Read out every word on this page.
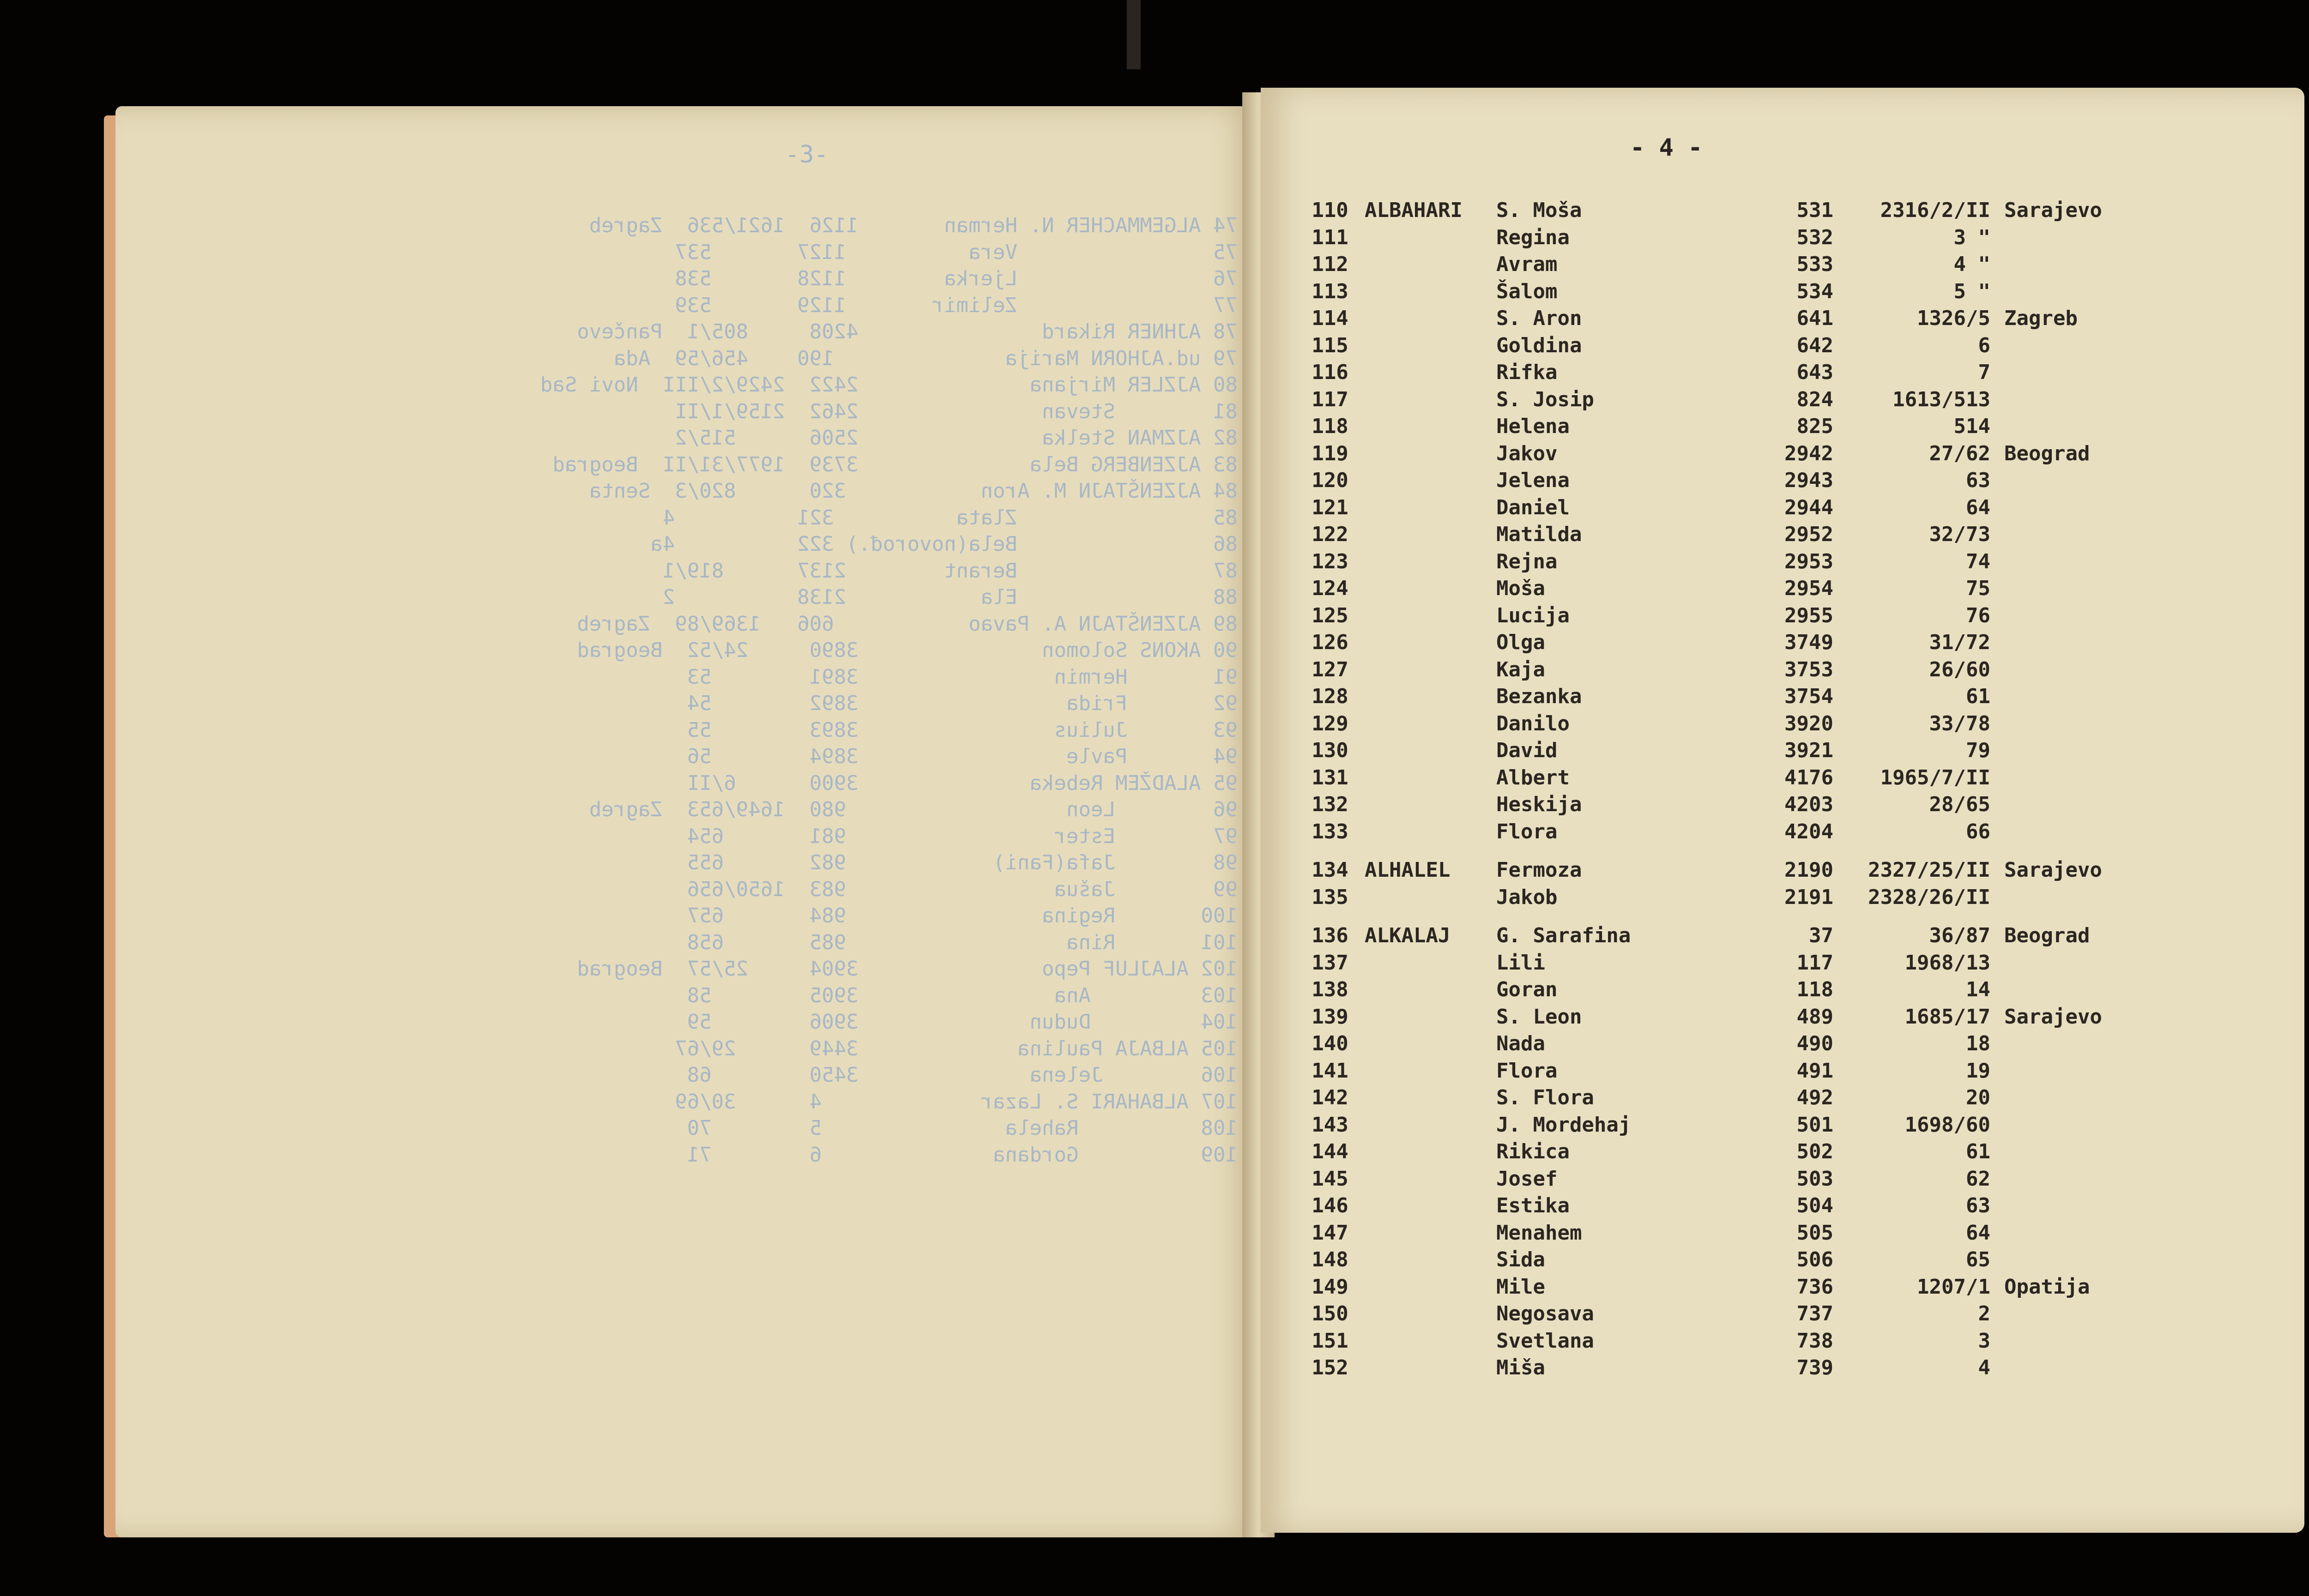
-3-
74 ALGEMMACHER N. Herman       1126  1621/536  Zagreb
75                Vera          1127       537
76                Ljerka        1128       538
77                Zelimir       1129       539
78 AJHNER Rikard               4208     805/1  Pančevo
79 ud.AJHORN Marija              190    456/59  Ada
80 AJZLER Mirjana              2422  2429/2/III  Novi Sad
81        Stevan               2462  2159/1/II
82 AJZMAN Stelka               2506      515/2
83 AJZENBERG Bela              3739  1977/31/II  Beograd
84 AJZENŠTAJN M. Aron           320      820/3  Senta
85                Zlata          321          4
86                Bela(novorođ.) 322          4a
87                Berant        2137      819/1
88                Ela           2138          2
89 AJZENŠTAJN A. Pavao           606   1369/89  Zagreb
90 AKONS Solomon               3890     24/52  Beograd
91       Hermin                3891        53
92       Frida                 3892        54
93       Julius                3893        55
94       Pavle                 3894        56
95 ALADŽEM Rebeka              3900      6/II
96        Leon                  980  1649/653  Zagreb
97        Ester                 981       654
98        Jafa(Fani)            982       655
99        Jašua                 983  1650/656
100       Regina                984       657
101       Rina                  985       658
102 ALAJLUF Pepo               3904     25/57  Beograd
103         Ana                3905        58
104         Dudun              3906        59
105 ALBAJA Paulina             3449      29/67
106        Jelena              3450        68
107 ALBAHARI S. Lazar             4      30/69
108          Rahela               5        70
109          Gordana              6        71
- 4 -
110 ALBAHARI S. Moša	531	2316/2/II Sarajevo
111	Regina	532	3 "
112	Avram	533	4 "
113	Šalom	534	5 "
114	S. Aron	641	1326/5 Zagreb
115	Goldina	642	6
116	Rifka	643	7
117	S. Josip	824	1613/513
118	Helena	825	514
119	Jakov	2942	27/62 Beograd
120	Jelena	2943	63
121	Daniel	2944	64
122	Matilda	2952	32/73
123	Rejna	2953	74
124	Moša	2954	75
125	Lucija	2955	76
126	Olga	3749	31/72
127	Kaja	3753	26/60
128	Bezanka	3754	61
129	Danilo	3920	33/78
130	David	3921	79
131	Albert	4176	1965/7/II
132	Heskija	4203	28/65
133	Flora	4204	66
134 ALHALEL Fermoza	2190	2327/25/II Sarajevo
135	Jakob	2191	2328/26/II
136 ALKALAJ G. Sarafina	37	36/87 Beograd
137	Lili	117	1968/13
138	Goran	118	14
139	S. Leon	489	1685/17 Sarajevo
140	Nada	490	18
141	Flora	491	19
142	S. Flora	492	20
143	J. Mordehaj	501	1698/60
144	Rikica	502	61
145	Josef	503	62
146	Estika	504	63
147	Menahem	505	64
148	Sida	506	65
149	Mile	736	1207/1 Opatija
150	Negosava	737	2
151	Svetlana	738	3
152	Miša	739	4
